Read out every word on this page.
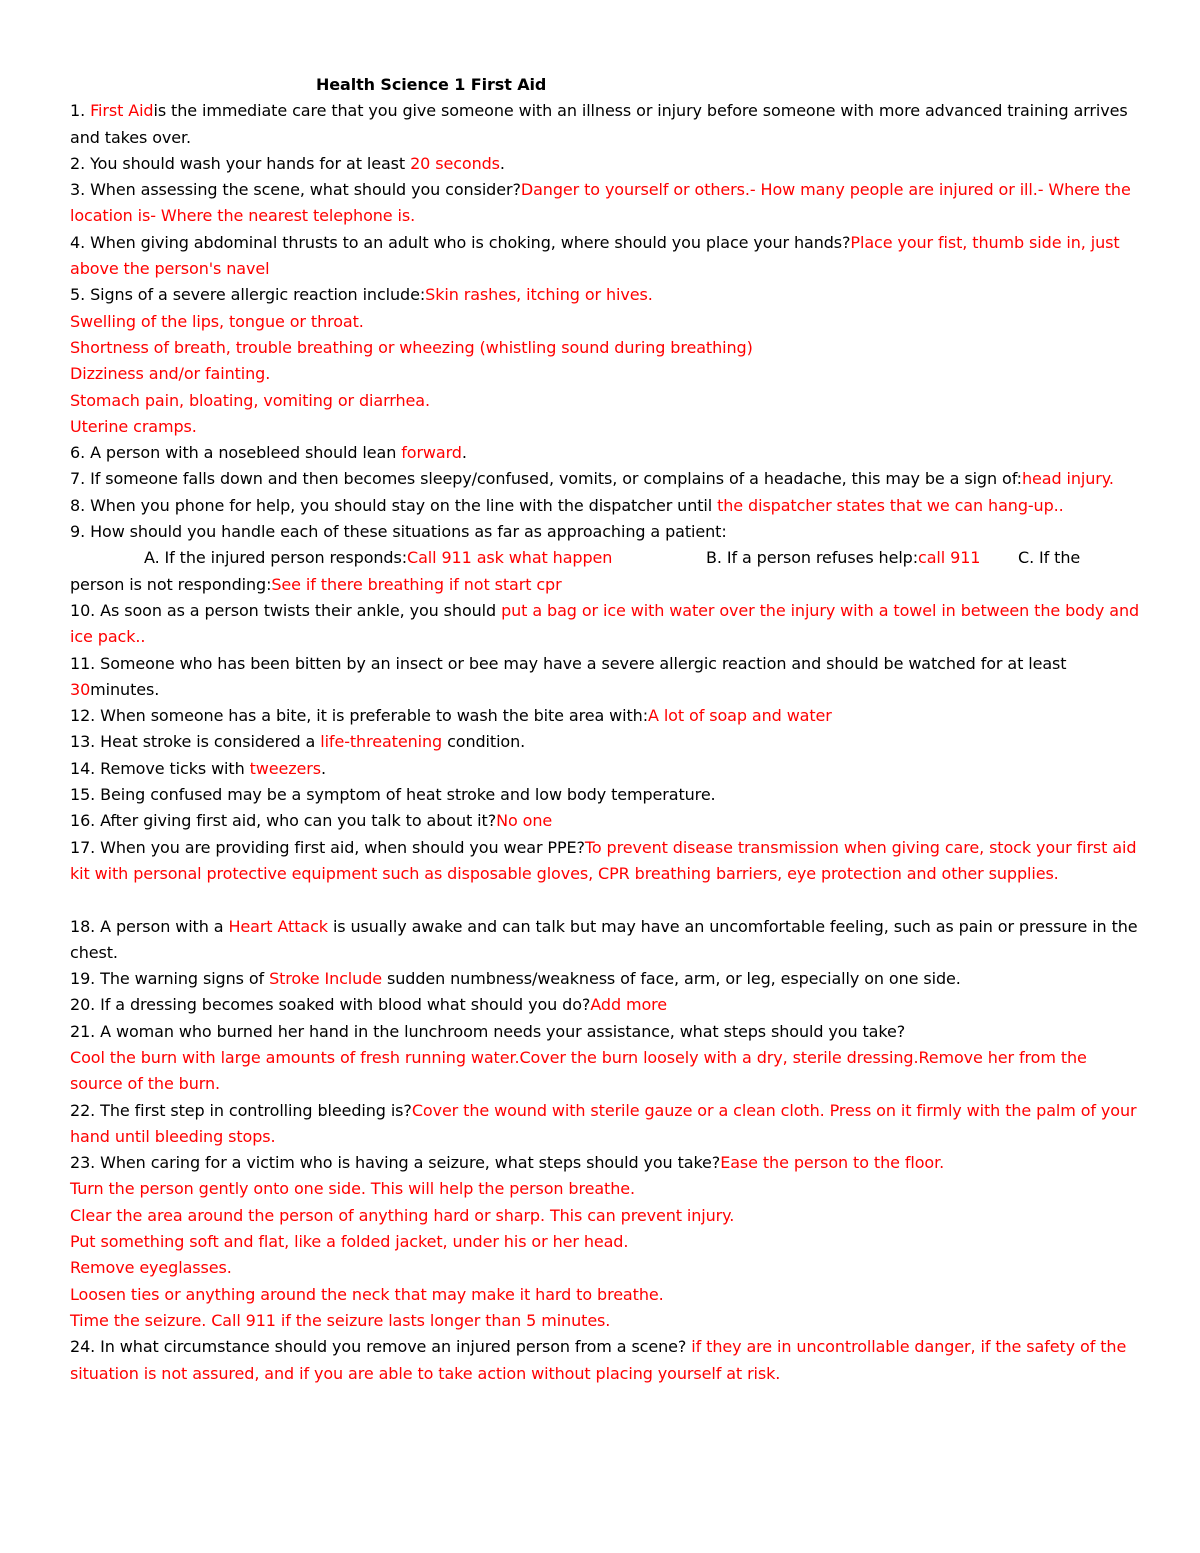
Health Science 1 First Aid
1. First Aidis the immediate care that you give someone with an illness or injury before someone with more advanced training arrives and takes over.
2. You should wash your hands for at least 20 seconds.
3. When assessing the scene, what should you consider?Danger to yourself or others.- How many people are injured or ill.- Where the location is- Where the nearest telephone is.
4. When giving abdominal thrusts to an adult who is choking, where should you place your hands?Place your fist, thumb side in, just above the person's navel
5. Signs of a severe allergic reaction include:Skin rashes, itching or hives.
Swelling of the lips, tongue or throat.
Shortness of breath, trouble breathing or wheezing (whistling sound during breathing)
Dizziness and/or fainting.
Stomach pain, bloating, vomiting or diarrhea.
Uterine cramps.
6. A person with a nosebleed should lean forward.
7. If someone falls down and then becomes sleepy/confused, vomits, or complains of a headache, this may be a sign of:head injury.
8. When you phone for help, you should stay on the line with the dispatcher until the dispatcher states that we can hang-up..
9. How should you handle each of these situations as far as approaching a patient:
A. If the injured person responds:Call 911 ask what happen	B. If a person refuses help:call 911 C. If the
person is not responding:See if there breathing if not start cpr
10. As soon as a person twists their ankle, you should put a bag or ice with water over the injury with a towel in between the body and ice pack..
11. Someone who has been bitten by an insect or bee may have a severe allergic reaction and should be watched for at least 30minutes.
12. When someone has a bite, it is preferable to wash the bite area with:A lot of soap and water
13. Heat stroke is considered a life-threatening condition.
14. Remove ticks with tweezers.
15. Being confused may be a symptom of heat stroke and low body temperature.
16. After giving first aid, who can you talk to about it?No one
17. When you are providing first aid, when should you wear PPE?To prevent disease transmission when giving care, stock your first aid kit with personal protective equipment such as disposable gloves, CPR breathing barriers, eye protection and other supplies.
18. A person with a Heart Attack is usually awake and can talk but may have an uncomfortable feeling, such as pain or pressure in the chest.
19. The warning signs of Stroke Include sudden numbness/weakness of face, arm, or leg, especially on one side.
20. If a dressing becomes soaked with blood what should you do?Add more
21. A woman who burned her hand in the lunchroom needs your assistance, what steps should you take?
Cool the burn with large amounts of fresh running water.Cover the burn loosely with a dry, sterile dressing.Remove her from the source of the burn.
22. The first step in controlling bleeding is?Cover the wound with sterile gauze or a clean cloth. Press on it firmly with the palm of your hand until bleeding stops.
23. When caring for a victim who is having a seizure, what steps should you take?Ease the person to the floor.
Turn the person gently onto one side. This will help the person breathe.
Clear the area around the person of anything hard or sharp. This can prevent injury.
Put something soft and flat, like a folded jacket, under his or her head.
Remove eyeglasses.
Loosen ties or anything around the neck that may make it hard to breathe.
Time the seizure. Call 911 if the seizure lasts longer than 5 minutes.
24. In what circumstance should you remove an injured person from a scene? if they are in uncontrollable danger, if the safety of the situation is not assured, and if you are able to take action without placing yourself at risk.
